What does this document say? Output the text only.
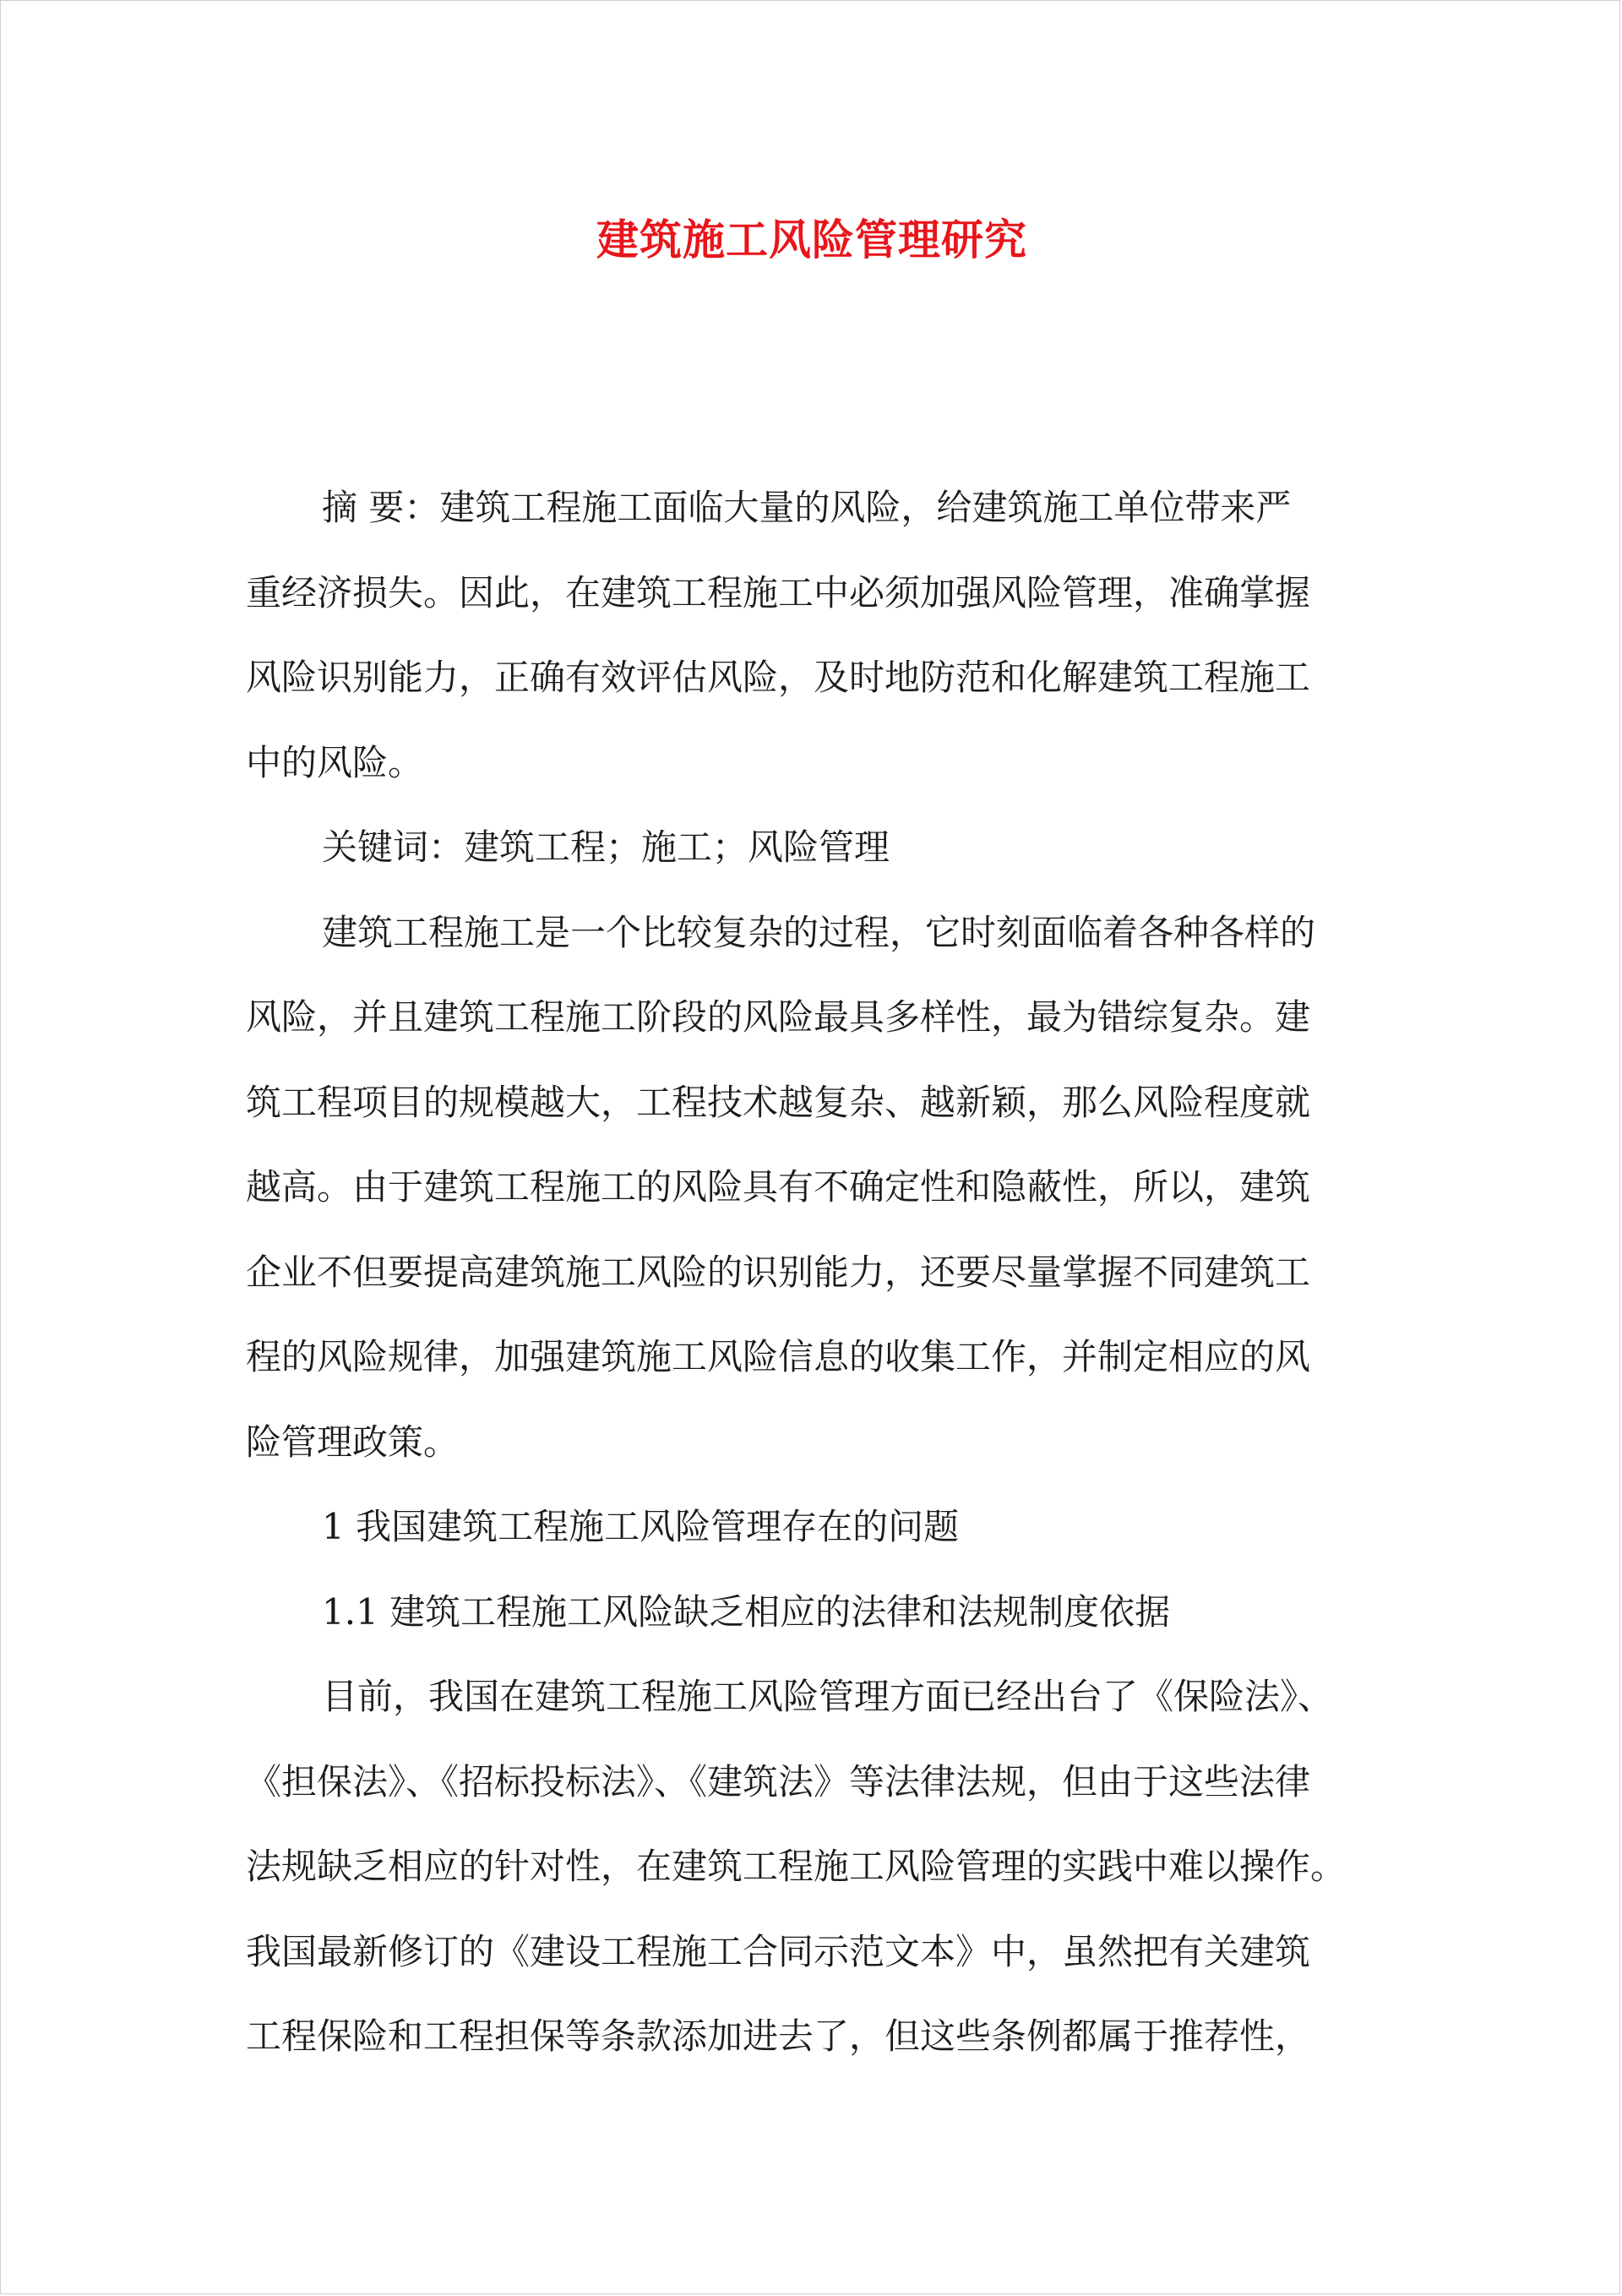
建筑施工风险管理研究
摘 要：建筑工程施工面临大量的风险，给建筑施工单位带来严
重经济损失。因此，在建筑工程施工中必须加强风险管理，准确掌握
风险识别能力，正确有效评估风险，及时地防范和化解建筑工程施工
中的风险。
关键词：建筑工程；施工；风险管理
建筑工程施工是一个比较复杂的过程，它时刻面临着各种各样的
风险，并且建筑工程施工阶段的风险最具多样性，最为错综复杂。建
筑工程项目的规模越大，工程技术越复杂、越新颖，那么风险程度就
越高。由于建筑工程施工的风险具有不确定性和隐蔽性，所以，建筑
企业不但要提高建筑施工风险的识别能力，还要尽量掌握不同建筑工
程的风险规律，加强建筑施工风险信息的收集工作，并制定相应的风
险管理政策。
1 我国建筑工程施工风险管理存在的问题
1.1 建筑工程施工风险缺乏相应的法律和法规制度依据
目前，我国在建筑工程施工风险管理方面已经出台了《保险法》、
《担保法》、《招标投标法》、《建筑法》等法律法规，但由于这些法律
法规缺乏相应的针对性，在建筑工程施工风险管理的实践中难以操作。
我国最新修订的《建设工程施工合同示范文本》中，虽然把有关建筑
工程保险和工程担保等条款添加进去了，但这些条例都属于推荐性，
